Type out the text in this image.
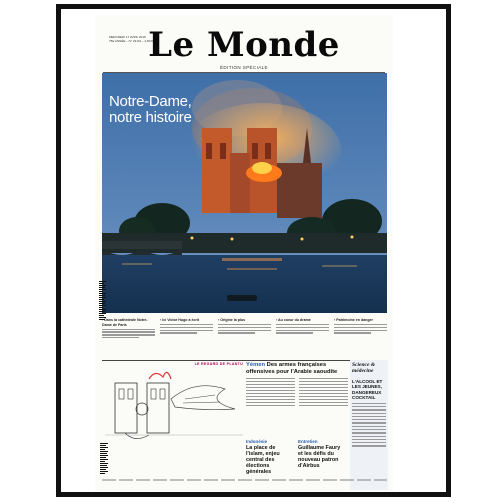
MERCREDI 17 AVRIL 2019
75E ANNÉE – N° 23101 – 2,80 €
Le Monde
ÉDITION SPÉCIALE
Notre-Dame,
notre histoire
› Dans la cathédrale Notre-Dame de Paris
› Ici Victor Hugo a écrit	› Origine la plus	› Au coeur du drame	› Patrimoine en danger
LE REGARD DE PLANTU Yémen Des armes françaises offensives pour l'Arabie saoudite
Science & médecine
L'ALCOOL ET LES JEUNES, DANGEREUX COCKTAIL
Indonésie
La place de l'islam, enjeu central des élections générales
Entretien
Guillaume Faury et les défis du nouveau patron d'Airbus
